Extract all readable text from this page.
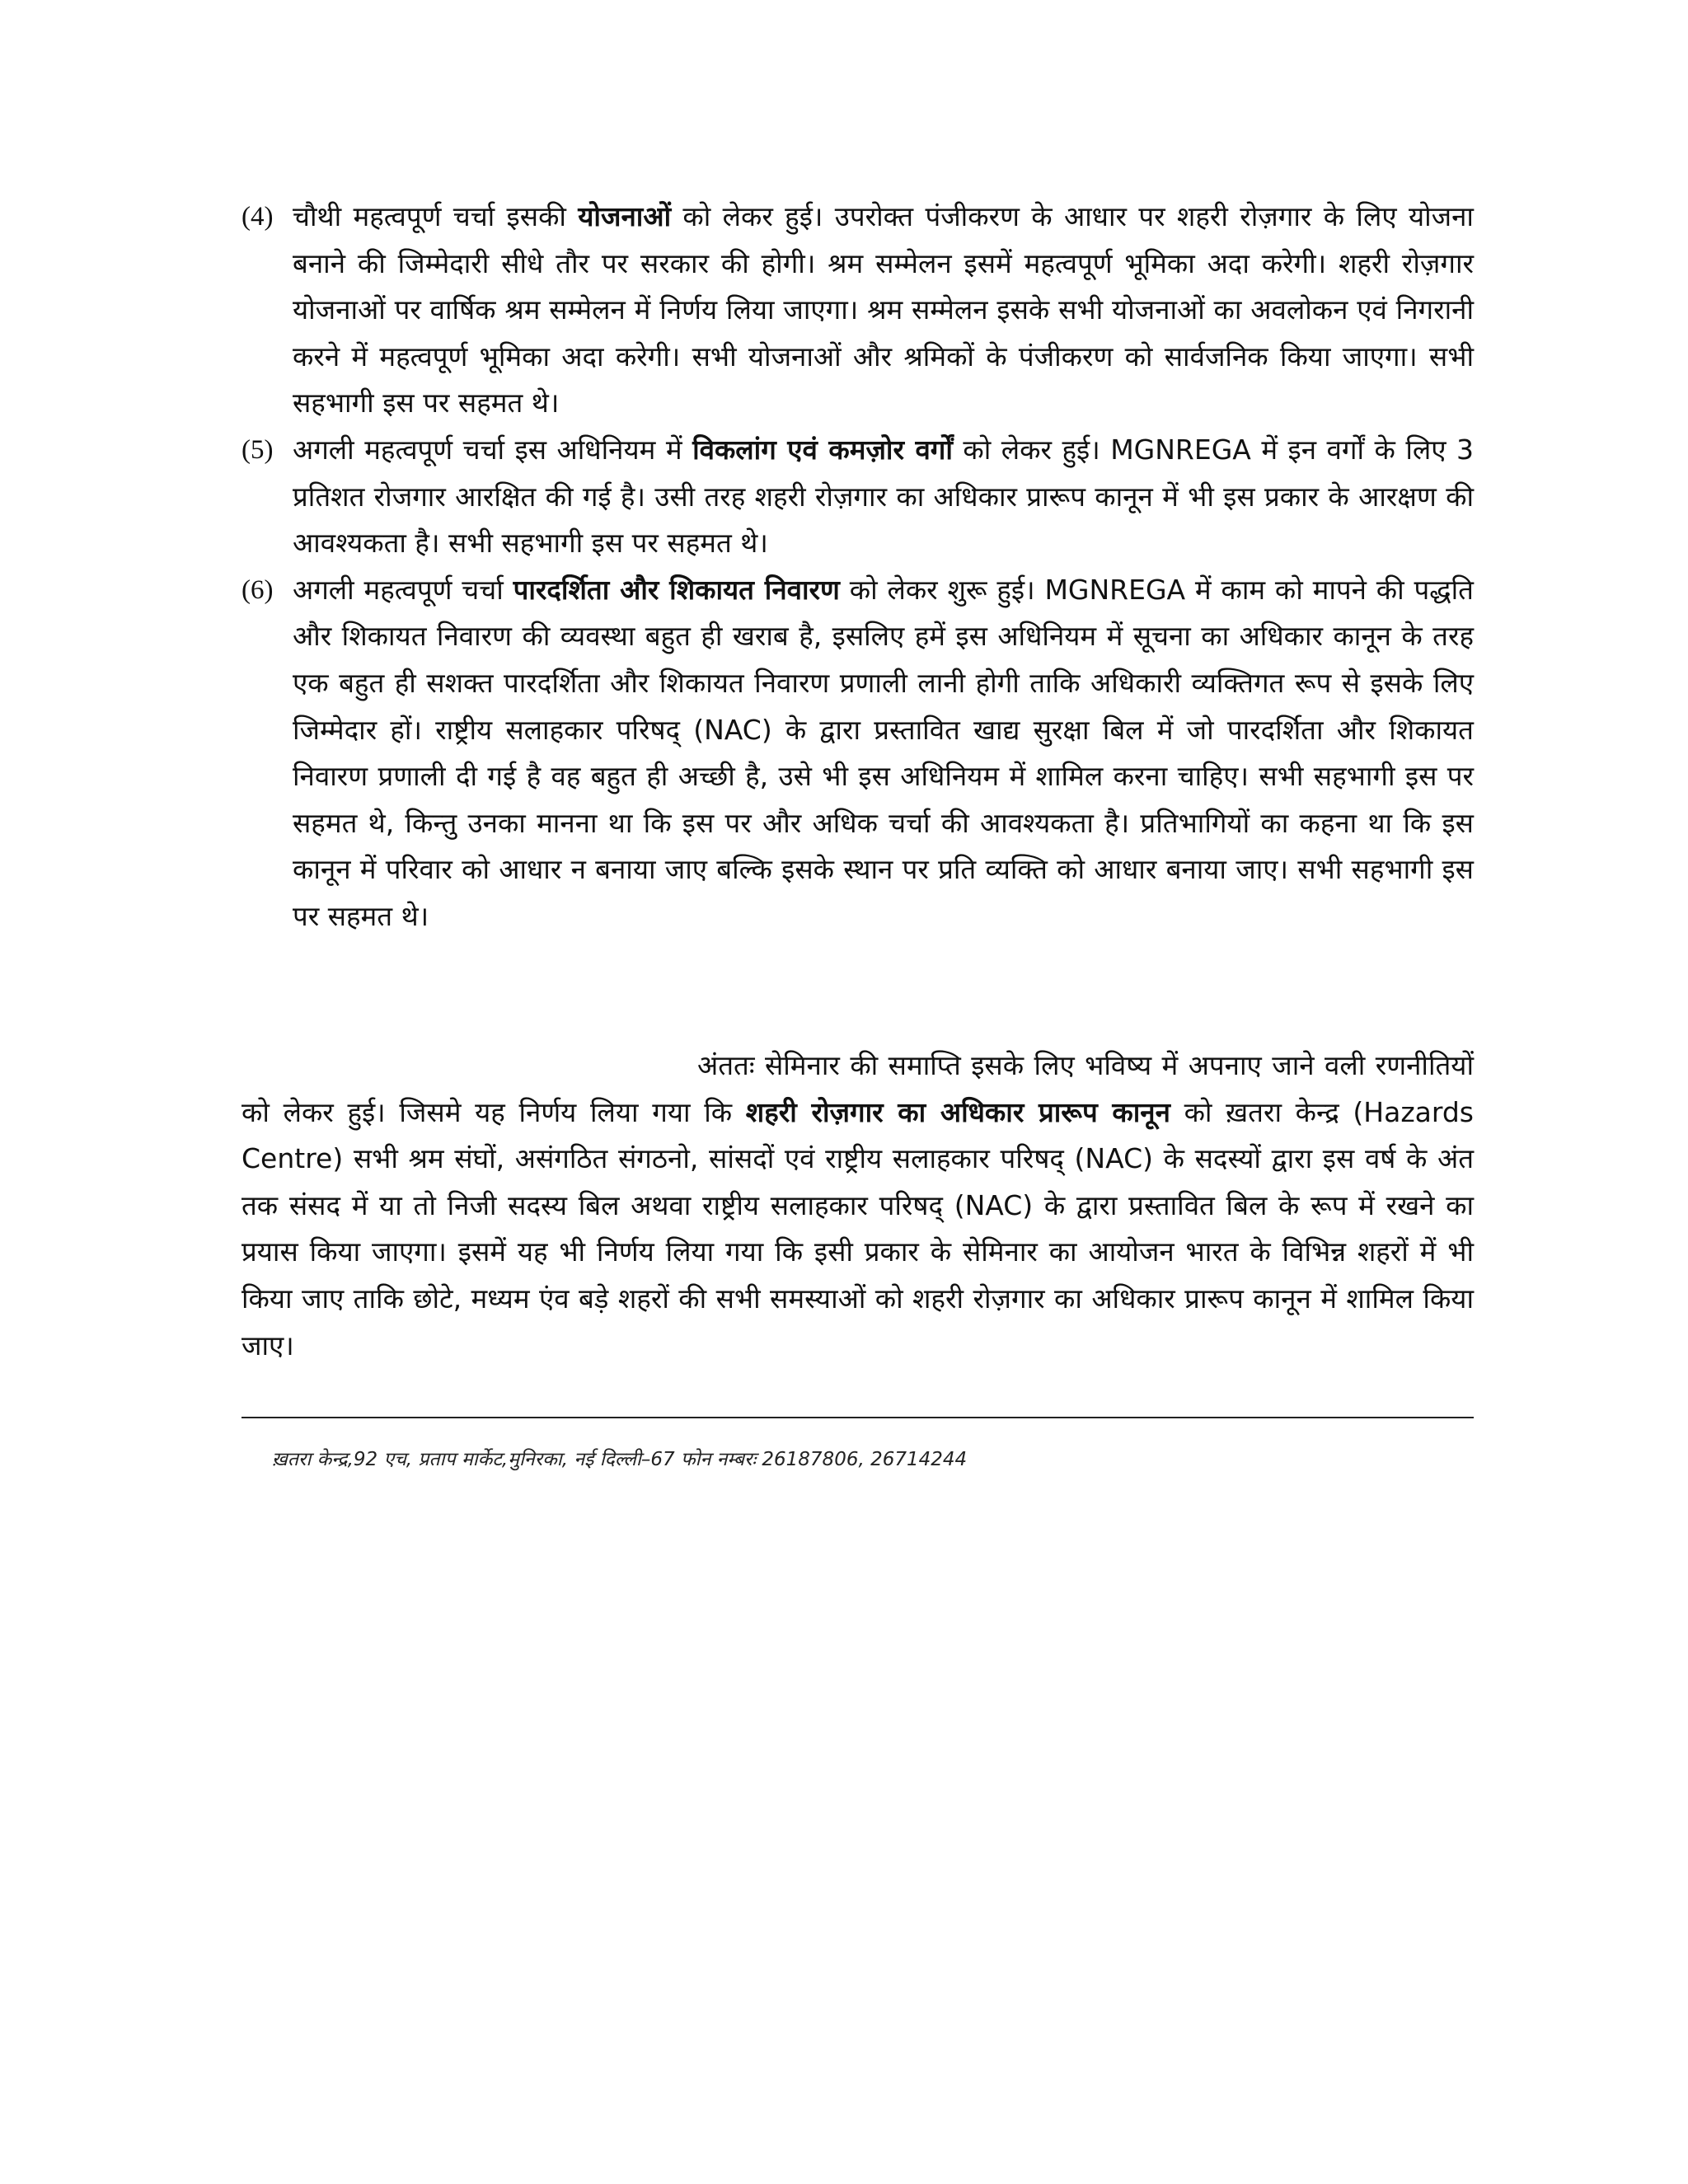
(4) चौथी महत्वपूर्ण चर्चा इसकी योजनाओं को लेकर हुई। उपरोक्त पंजीकरण के आधार पर शहरी रोज़गार के लिए योजना बनाने की जिम्मेदारी सीधे तौर पर सरकार की होगी। श्रम सम्मेलन इसमें महत्वपूर्ण भूमिका अदा करेगी। शहरी रोज़गार योजनाओं पर वार्षिक श्रम सम्मेलन में निर्णय लिया जाएगा। श्रम सम्मेलन इसके सभी योजनाओं का अवलोकन एवं निगरानी करने में महत्वपूर्ण भूमिका अदा करेगी। सभी योजनाओं और श्रमिकों के पंजीकरण को सार्वजनिक किया जाएगा। सभी सहभागी इस पर सहमत थे।
(5) अगली महत्वपूर्ण चर्चा इस अधिनियम में विकलांग एवं कमज़ोर वर्गों को लेकर हुई। MGNREGA में इन वर्गों के लिए 3 प्रतिशत रोजगार आरक्षित की गई है। उसी तरह शहरी रोज़गार का अधिकार प्रारूप कानून में भी इस प्रकार के आरक्षण की आवश्यकता है। सभी सहभागी इस पर सहमत थे।
(6) अगली महत्वपूर्ण चर्चा पारदर्शिता और शिकायत निवारण को लेकर शुरू हुई। MGNREGA में काम को मापने की पद्धति और शिकायत निवारण की व्यवस्था बहुत ही खराब है, इसलिए हमें इस अधिनियम में सूचना का अधिकार कानून के तरह एक बहुत ही सशक्त पारदर्शिता और शिकायत निवारण प्रणाली लानी होगी ताकि अधिकारी व्यक्तिगत रूप से इसके लिए जिम्मेदार हों। राष्ट्रीय सलाहकार परिषद् (NAC) के द्वारा प्रस्तावित खाद्य सुरक्षा बिल में जो पारदर्शिता और शिकायत निवारण प्रणाली दी गई है वह बहुत ही अच्छी है, उसे भी इस अधिनियम में शामिल करना चाहिए। सभी सहभागी इस पर सहमत थे, किन्तु उनका मानना था कि इस पर और अधिक चर्चा की आवश्यकता है। प्रतिभागियों का कहना था कि इस कानून में परिवार को आधार न बनाया जाए बल्कि इसके स्थान पर प्रति व्यक्ति को आधार बनाया जाए। सभी सहभागी इस पर सहमत थे।

अंततः सेमिनार की समाप्ति इसके लिए भविष्य में अपनाए जाने वली रणनीतियों को लेकर हुई। जिसमे यह निर्णय लिया गया कि शहरी रोज़गार का अधिकार प्रारूप कानून को ख़तरा केन्द्र (Hazards Centre) सभी श्रम संघों, असंगठित संगठनो, सांसदों एवं राष्ट्रीय सलाहकार परिषद् (NAC) के सदस्यों द्वारा इस वर्ष के अंत तक संसद में या तो निजी सदस्य बिल अथवा राष्ट्रीय सलाहकार परिषद् (NAC) के द्वारा प्रस्तावित बिल के रूप में रखने का प्रयास किया जाएगा। इसमें यह भी निर्णय लिया गया कि इसी प्रकार के सेमिनार का आयोजन भारत के विभिन्न शहरों में भी किया जाए ताकि छोटे, मध्यम एंव बड़े शहरों की सभी समस्याओं को शहरी रोज़गार का अधिकार प्रारूप कानून में शामिल किया जाए।

ख़तरा केन्द्र,92 एच, प्रताप मार्केट,मुनिरका, नई दिल्ली–67 फोन नम्बरः 26187806, 26714244
